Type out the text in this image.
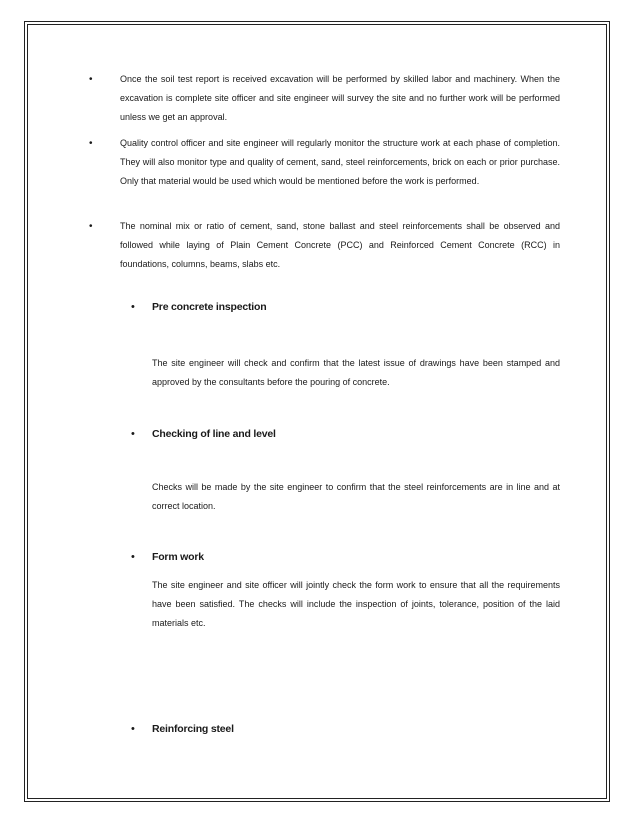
•	Once the soil test report is received excavation will be performed by skilled labor and machinery. When the excavation is complete site officer and site engineer will survey the site and no further work will be performed unless we get an approval.

•	Quality control officer and site engineer will regularly monitor the structure work at each phase of completion. They will also monitor type and quality of cement, sand, steel reinforcements, brick on each or prior purchase. Only that material would be used which would be mentioned before the work is performed.

•	The nominal mix or ratio of cement, sand, stone ballast and steel reinforcements shall be observed and followed while laying of Plain Cement Concrete (PCC) and Reinforced Cement Concrete (RCC) in foundations, columns, beams, slabs etc.

• Pre concrete inspection

The site engineer will check and confirm that the latest issue of drawings have been stamped and approved by the consultants before the pouring of concrete.

• Checking of line and level

Checks will be made by the site engineer to confirm that the steel reinforcements are in line and at correct location.

• Form work

The site engineer and site officer will jointly check the form work to ensure that all the requirements have been satisfied. The checks will include the inspection of joints, tolerance, position of the laid materials etc.

• Reinforcing steel
